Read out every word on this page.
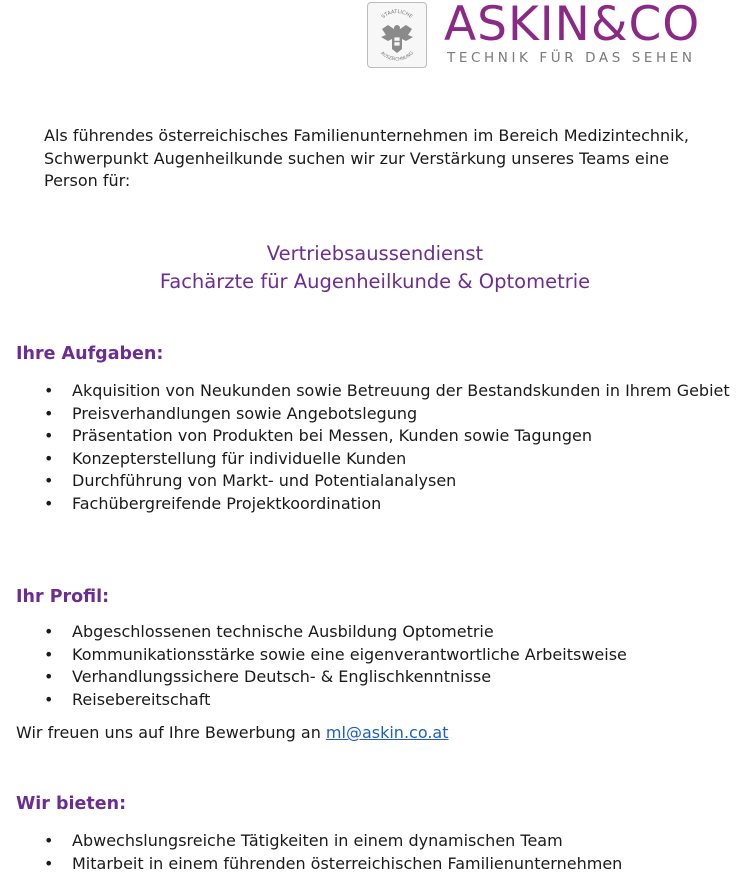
STAATLICHE
AUSZEICHNUNG
ASKIN&CO
TECHNIK FÜR DAS SEHEN
Als führendes österreichisches Familienunternehmen im Bereich Medizintechnik, Schwerpunkt Augenheilkunde suchen wir zur Verstärkung unseres Teams eine Person für:
Vertriebsaussendienst
Fachärzte für Augenheilkunde & Optometrie
Ihre Aufgaben:
• Akquisition von Neukunden sowie Betreuung der Bestandskunden in Ihrem Gebiet
• Preisverhandlungen sowie Angebotslegung
• Präsentation von Produkten bei Messen, Kunden sowie Tagungen
• Konzepterstellung für individuelle Kunden
• Durchführung von Markt- und Potentialanalysen
• Fachübergreifende Projektkoordination
Ihr Profil:
• Abgeschlossenen technische Ausbildung Optometrie
• Kommunikationsstärke sowie eine eigenverantwortliche Arbeitsweise
• Verhandlungssichere Deutsch- & Englischkenntnisse
• Reisebereitschaft
Wir freuen uns auf Ihre Bewerbung an ml@askin.co.at
Wir bieten:
• Abwechslungsreiche Tätigkeiten in einem dynamischen Team
• Mitarbeit in einem führenden österreichischen Familienunternehmen
